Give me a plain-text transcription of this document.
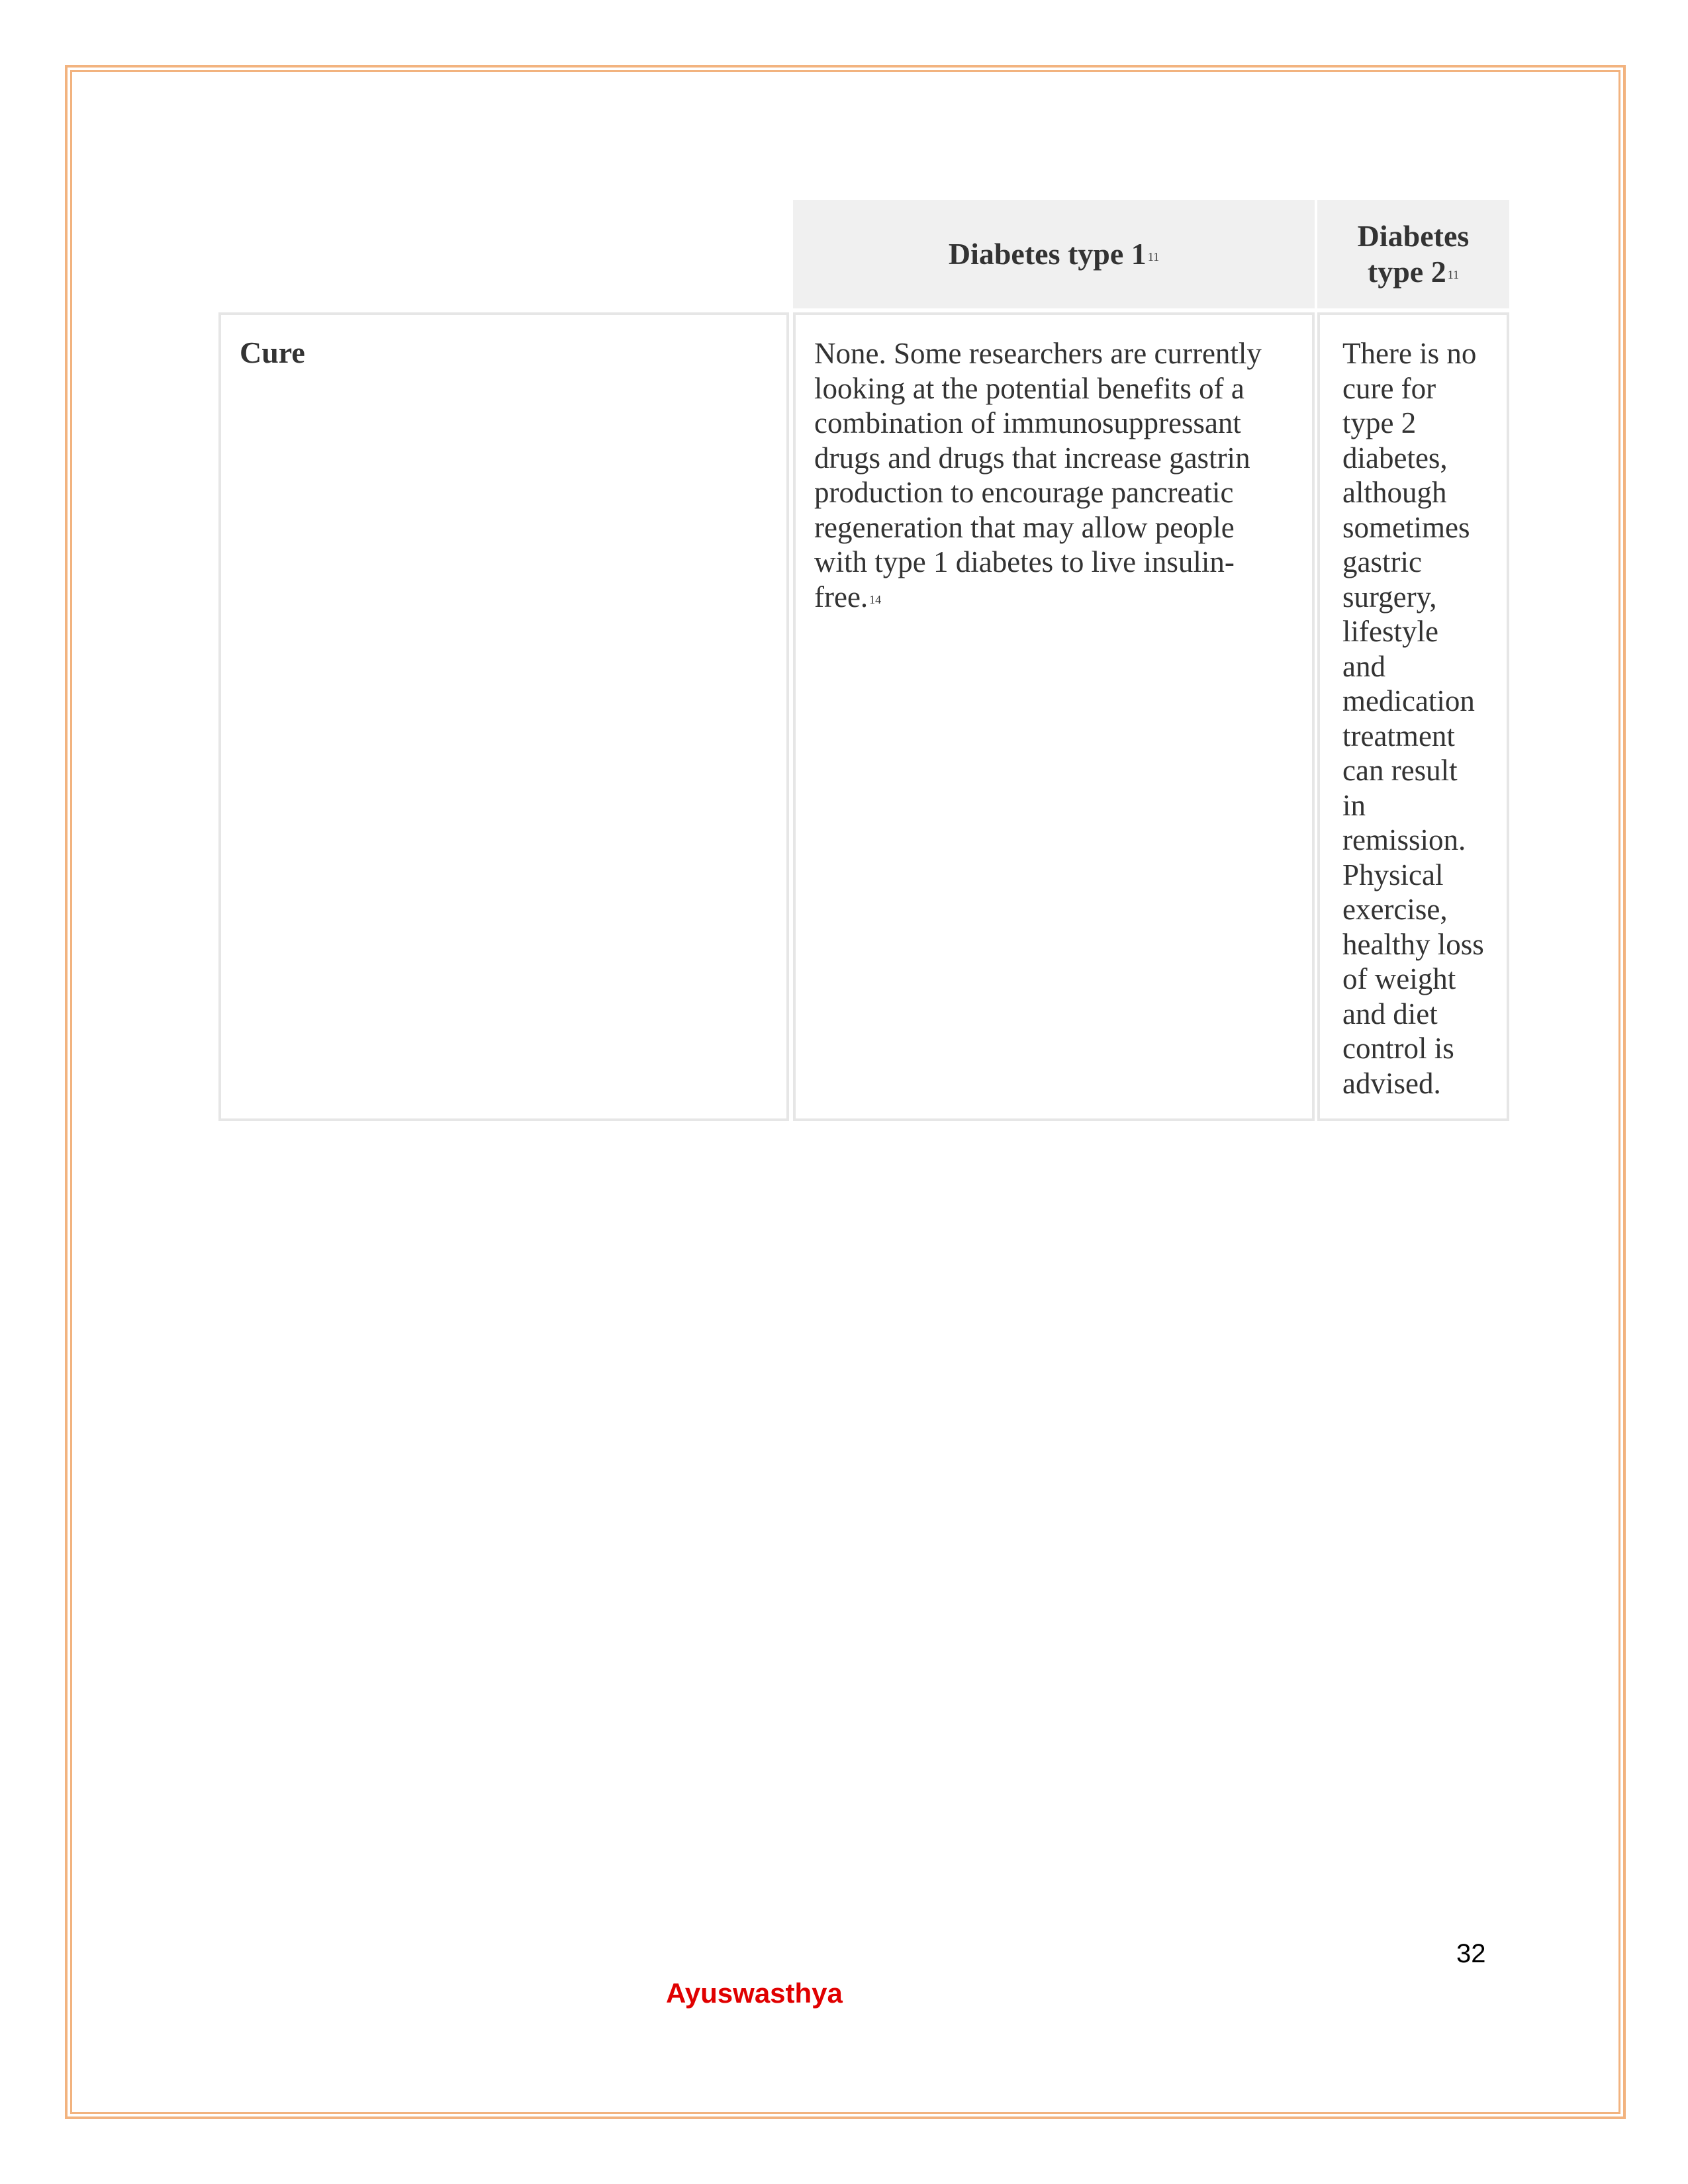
Diabetes type 1 $^{11}$
Diabetes
type 2 $^{11}$
Cure	None. Some researchers are currently looking at the potential benefits of a combination of immunosuppressant drugs and drugs that increase gastrin production to encourage pancreatic regeneration that may allow people with type 1 diabetes to live insulin-free. $^{14}$
There is no
cure for
type 2
diabetes,
although
sometimes
gastric
surgery,
lifestyle
and
medication
treatment
can result
in
remission.
Physical
exercise,
healthy loss
of weight
and diet
control is
advised.
32
Ayuswasthya
